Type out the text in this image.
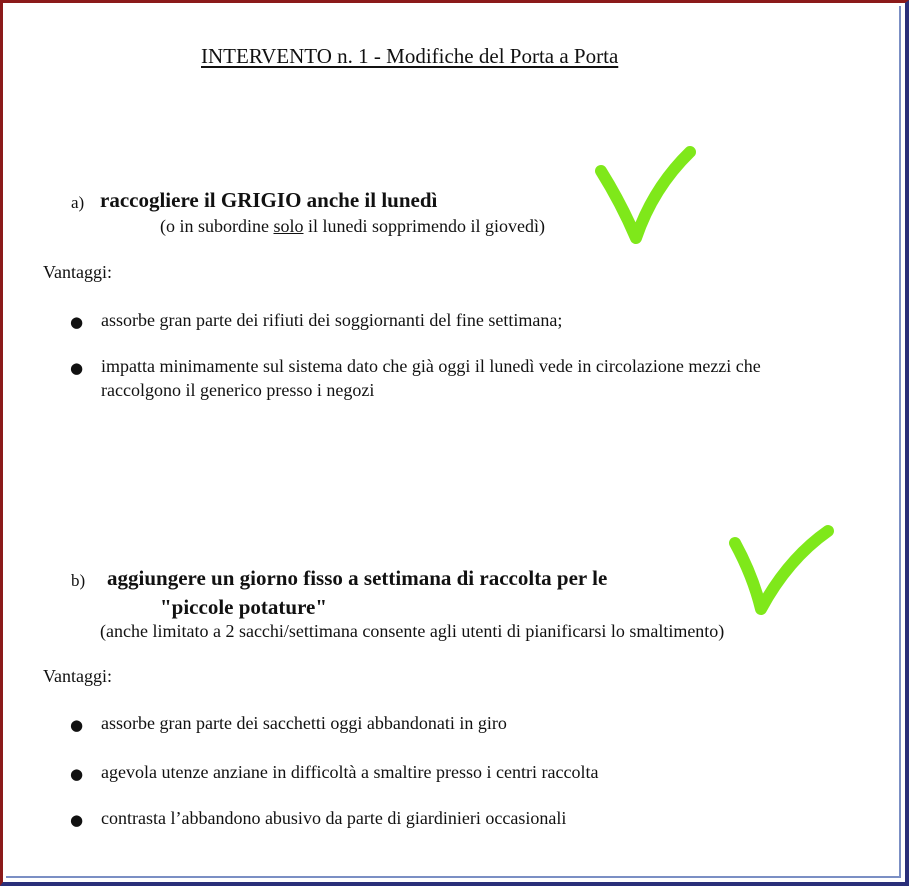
INTERVENTO n. 1 - Modifiche del Porta a Porta
a) raccogliere il GRIGIO anche il lunedì
(o in subordine solo il lunedi sopprimendo il giovedì)
Vantaggi:
● assorbe gran parte dei rifiuti dei soggiornanti del fine settimana;
● impatta minimamente sul sistema dato che già oggi il lunedì vede in circolazione mezzi che
raccolgono il generico presso i negozi
b) aggiungere un giorno fisso a settimana di raccolta per le
"piccole potature"
(anche limitato a 2 sacchi/settimana consente agli utenti di pianificarsi lo smaltimento)
Vantaggi:
● assorbe gran parte dei sacchetti oggi abbandonati in giro
● agevola utenze anziane in difficoltà a smaltire presso i centri raccolta
● contrasta l’abbandono abusivo da parte di giardinieri occasionali
